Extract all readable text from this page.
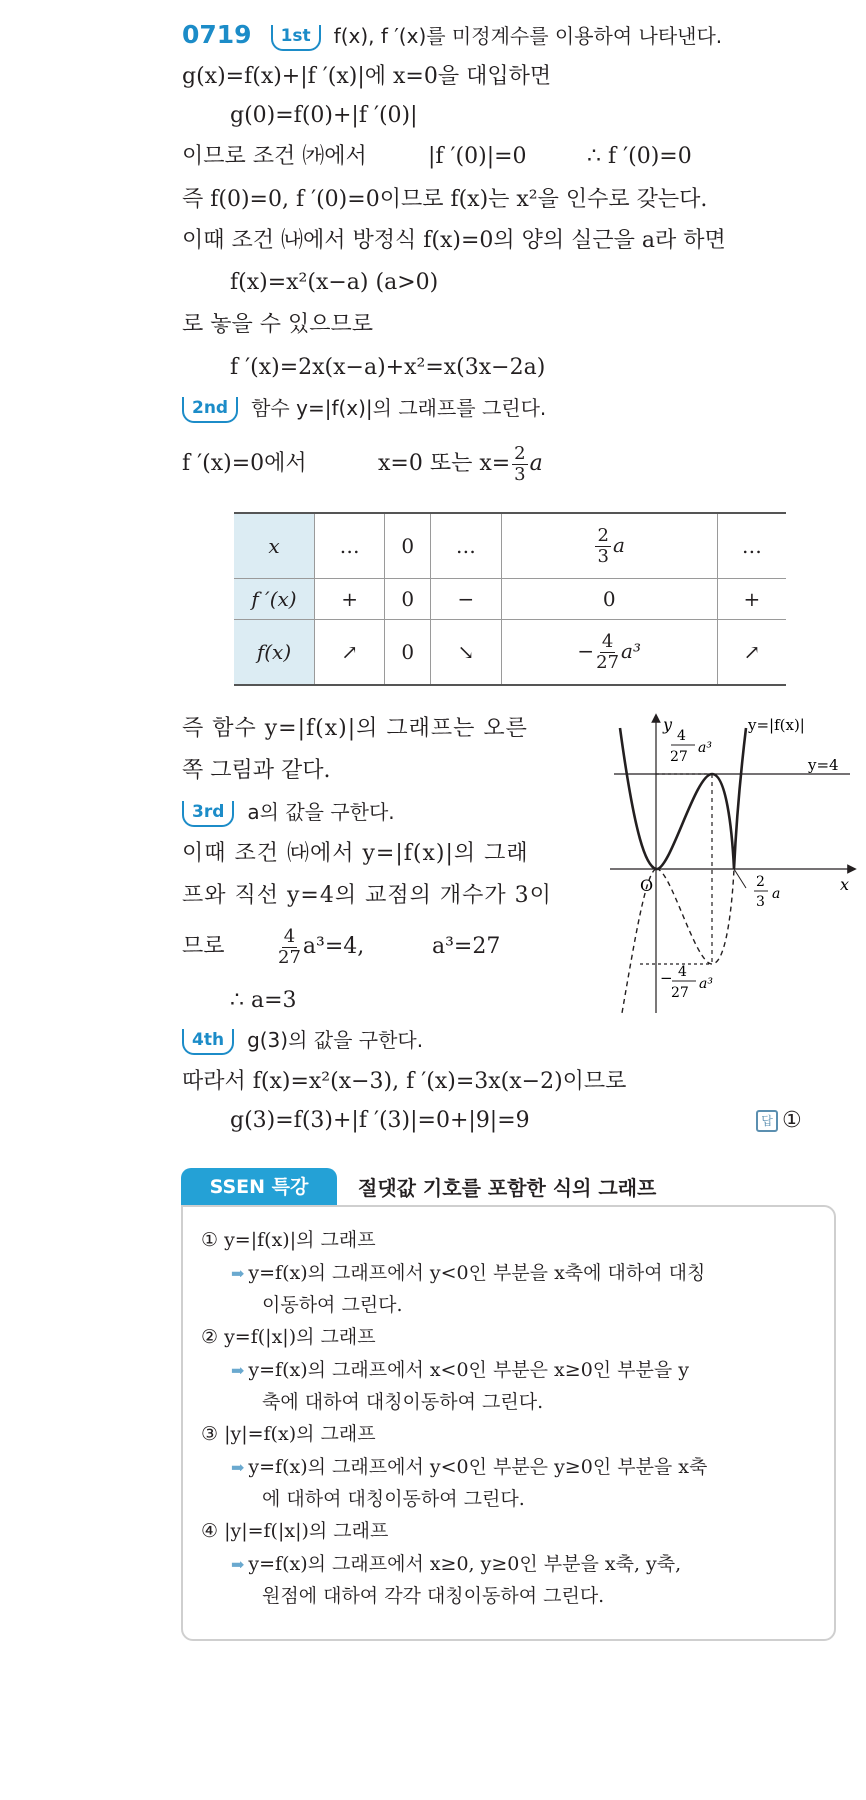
0719 1st f(x), f ′(x)를 미정계수를 이용하여 나타낸다.
g(x)=f(x)+|f ′(x)|에 x=0을 대입하면
g(0)=f(0)+|f ′(0)|
이므로 조건 ㈎에서	|f ′(0)|=0	∴ f ′(0)=0
즉 f(0)=0, f ′(0)=0이므로 f(x)는 x²을 인수로 갖는다.
이때 조건 ㈏에서 방정식 f(x)=0의 양의 실근을 a라 하면
f(x)=x²(x−a) (a>0)
로 놓을 수 있으므로
f ′(x)=2x(x−a)+x²=x(3x−2a)
2nd 함수 y=|f(x)|의 그래프를 그린다.
f ′(x)=0에서	x=0 또는 $x= \frac{2}{3}$ a
x	…	0	…	$\frac{2}{3}$ a	…
f ′(x)	+	0	−	0	+
f(x)	↗	0	↘	− $\frac{4}{27} a^3$	↗
즉 함수 y=|f(x)|의 그래프는 오른
쪽 그림과 같다.
3rd a의 값을 구한다.
이때 조건 ㈐에서 y=|f(x)|의 그래
프와 직선 y=4의 교점의 개수가 3이
므로	$\frac{4}{27} a^3=4$,	a³=27
∴ a=3
y
x
O
y=|f(x)|
y=4
4
27
a³
2
3 a
− 4
27
a³
4th g(3)의 값을 구한다.
따라서 f(x)=x²(x−3), f ′(x)=3x(x−2)이므로
g(3)=f(3)+|f ′(3)|=0+|9|=9	답 ①
SSEN 특강	절댓값 기호를 포함한 식의 그래프
① y=|f(x)|의 그래프
➡ y=f(x)의 그래프에서 y<0인 부분을 x축에 대하여 대칭
이동하여 그린다.
② y=f(|x|)의 그래프
➡ y=f(x)의 그래프에서 x<0인 부분은 x≥0인 부분을 y
축에 대하여 대칭이동하여 그린다.
③ |y|=f(x)의 그래프
➡ y=f(x)의 그래프에서 y<0인 부분은 y≥0인 부분을 x축
에 대하여 대칭이동하여 그린다.
④ |y|=f(|x|)의 그래프
➡ y=f(x)의 그래프에서 x≥0, y≥0인 부분을 x축, y축,
원점에 대하여 각각 대칭이동하여 그린다.
